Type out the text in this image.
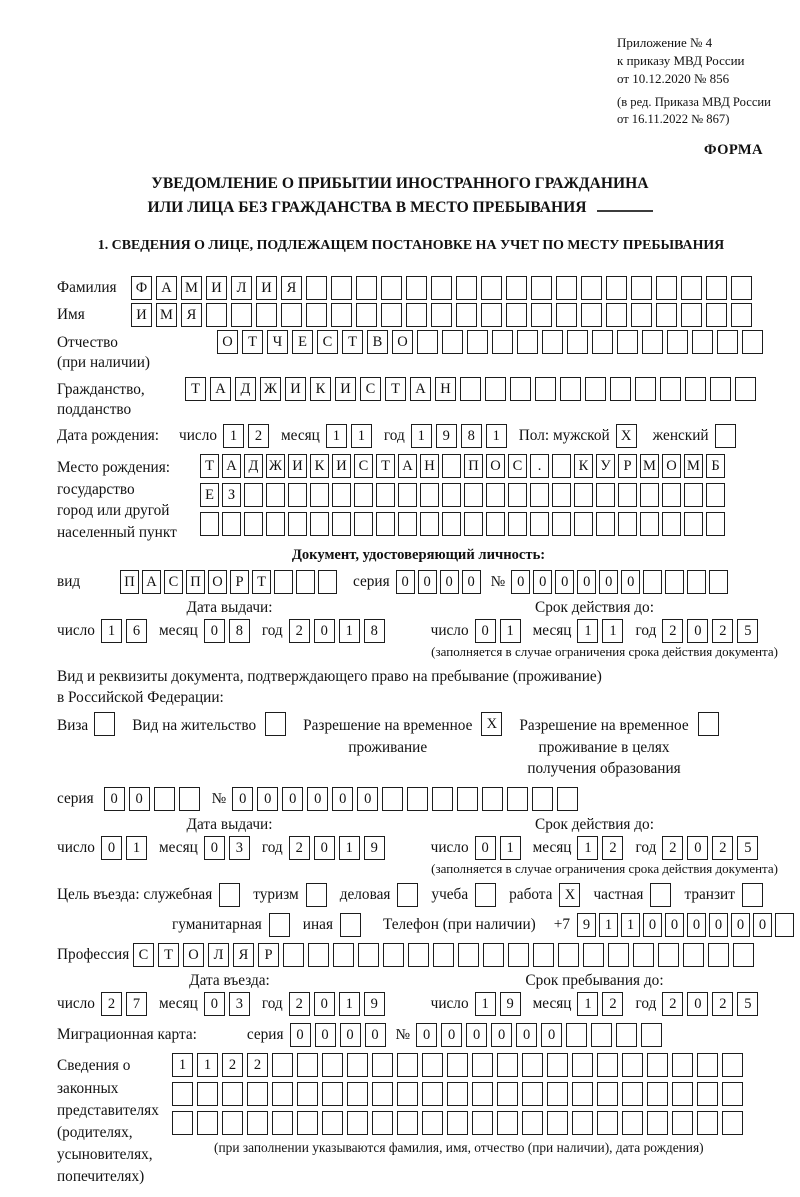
Приложение № 4
к приказу МВД России
от 10.12.2020 № 856
(в ред. Приказа МВД России
от 16.11.2022 № 867)
ФОРМА
УВЕДОМЛЕНИЕ О ПРИБЫТИИ ИНОСТРАННОГО ГРАЖДАНИНА
ИЛИ ЛИЦА БЕЗ ГРАЖДАНСТВА В МЕСТО ПРЕБЫВАНИЯ
1. СВЕДЕНИЯ О ЛИЦЕ, ПОДЛЕЖАЩЕМ ПОСТАНОВКЕ НА УЧЕТ ПО МЕСТУ ПРЕБЫВАНИЯ
Фамилия	Ф А М И	Л	И	Я
Имя	И М Я
Отчество
(при наличии)
О	Т	Ч	Е	С	Т	В	О
Гражданство,
подданство
Т	А	Д Ж И	К	И	С	Т	А	Н
Дата рождения: число 1	2	месяц 1	1	год 1	9	8	1	Пол: мужской X	женский
Место рождения:
государство
город или другой
населенный пункт
Т А Д Ж И К И С Т А Н П О С	.	К У Р М О М Б
Е З
Документ, удостоверяющий личность:
вид	П А С П О Р Т	серия 0	0	0	0	№ 0	0	0	0	0	0
Дата выдачи:
число 1	6	месяц 0	8	год 2	0	1	8
Срок действия до:
число 0	1	месяц 1	1	год 2	0	2	5
(заполняется в случае ограничения срока действия документа)
Вид и реквизиты документа, подтверждающего право на пребывание (проживание)
в Российской Федерации:
Виза	Вид на жительство	Разрешение на временное
проживание
X	Разрешение на временное
проживание в целях
получения образования
серия	0	0	№ 0	0	0	0	0	0
Дата выдачи:
число 0	1	месяц 0	3	год 2	0	1	9
Срок действия до:
число 0	1	месяц 1	2	год 2	0	2	5
(заполняется в случае ограничения срока действия документа)
Цель въезда: служебная	туризм	деловая	учеба	работа X	частная	транзит
гуманитарная	иная	Телефон (при наличии) +7 9	1	1	0	0	0	0	0	0
Профессия С	Т	О	Л	Я	Р
Дата въезда:
число 2	7	месяц 0	3	год 2	0	1	9
Срок пребывания до:
число 1	9	месяц 1	2	год 2	0	2	5
Миграционная карта:	серия 0	0	0	0	№ 0	0	0	0	0	0
Сведения о
законных
представителях
(родителях,
усыновителях,
попечителях)
1	1	2	2
(при заполнении указываются фамилия, имя, отчество (при наличии), дата рождения)
